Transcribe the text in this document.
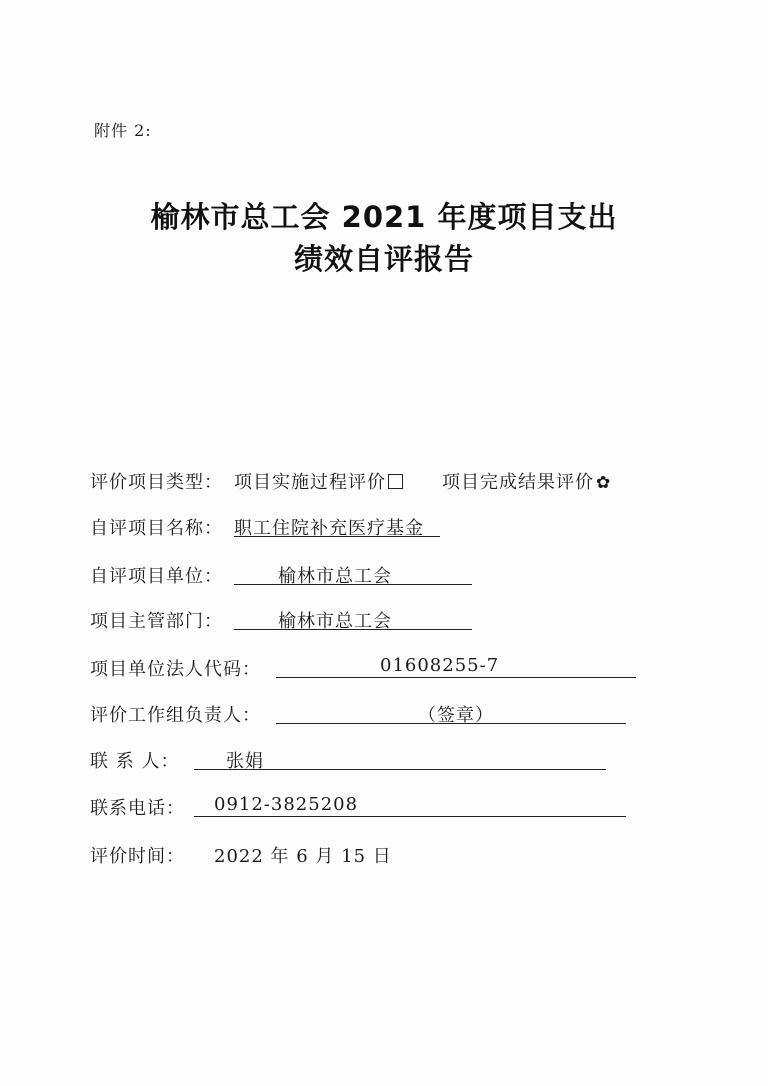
附件 2:
榆林市总工会 2021 年度项目支出
绩效自评报告
评价项目类型： 项目实施过程评价	项目完成结果评价 ✿
自评项目名称： 职工住院补充医疗基金
自评项目单位：	榆林市总工会
项目主管部门：	榆林市总工会
项目单位法人代码：	01608255-7
评价工作组负责人：	（签章）
联 系 人：	张娟
联系电话： 0912-3825208
评价时间： 2022 年 6 月 15 日
